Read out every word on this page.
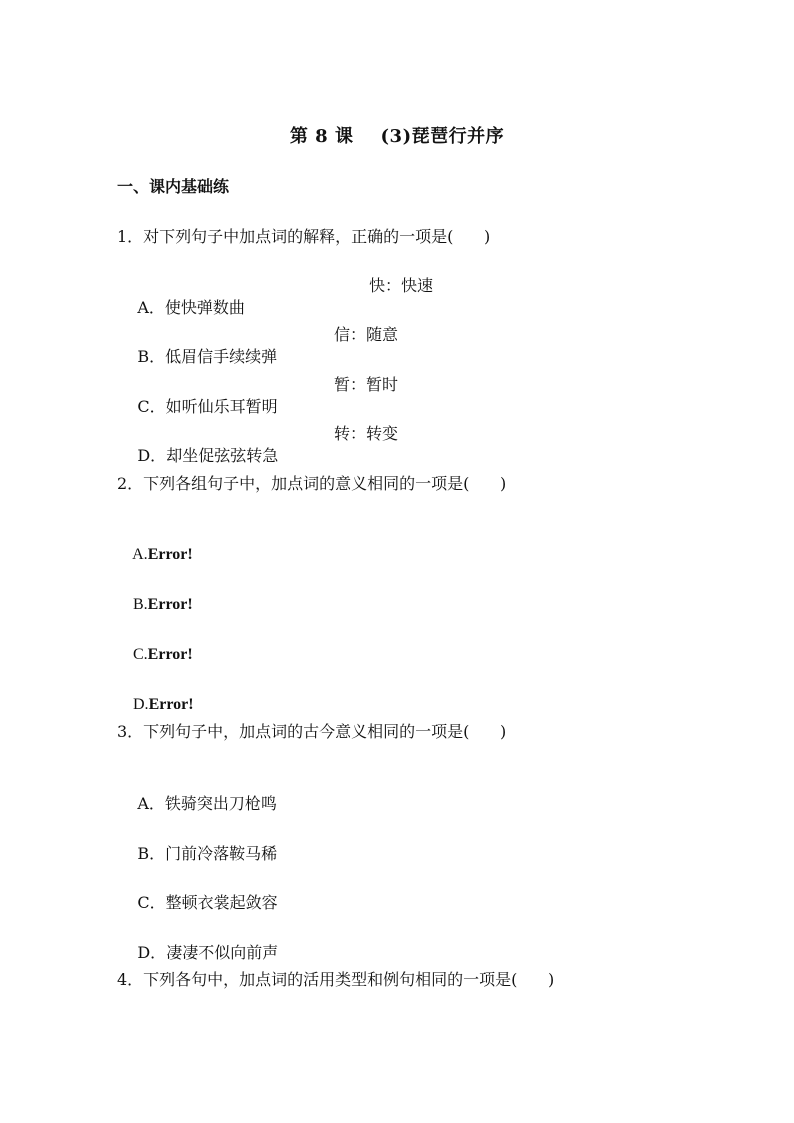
第 8 课    (3)琵琶行并序
一、课内基础练
1．对下列句子中加点词的解释，正确的一项是(      )

A．使快弹数曲

快：快速

B．低眉信手续续弹

信：随意

C．如听仙乐耳暂明

暂：暂时

D．却坐促弦弦转急

转：转变
2．下列各组句子中，加点词的意义相同的一项是(      )

A.Error!

B.Error!

C.Error!

D.Error!

3．下列句子中，加点词的古今意义相同的一项是(      )

A．铁骑突出刀枪鸣

B．门前冷落鞍马稀

C．整顿衣裳起敛容

D．凄凄不似向前声

4．下列各句中，加点词的活用类型和例句相同的一项是(      )
